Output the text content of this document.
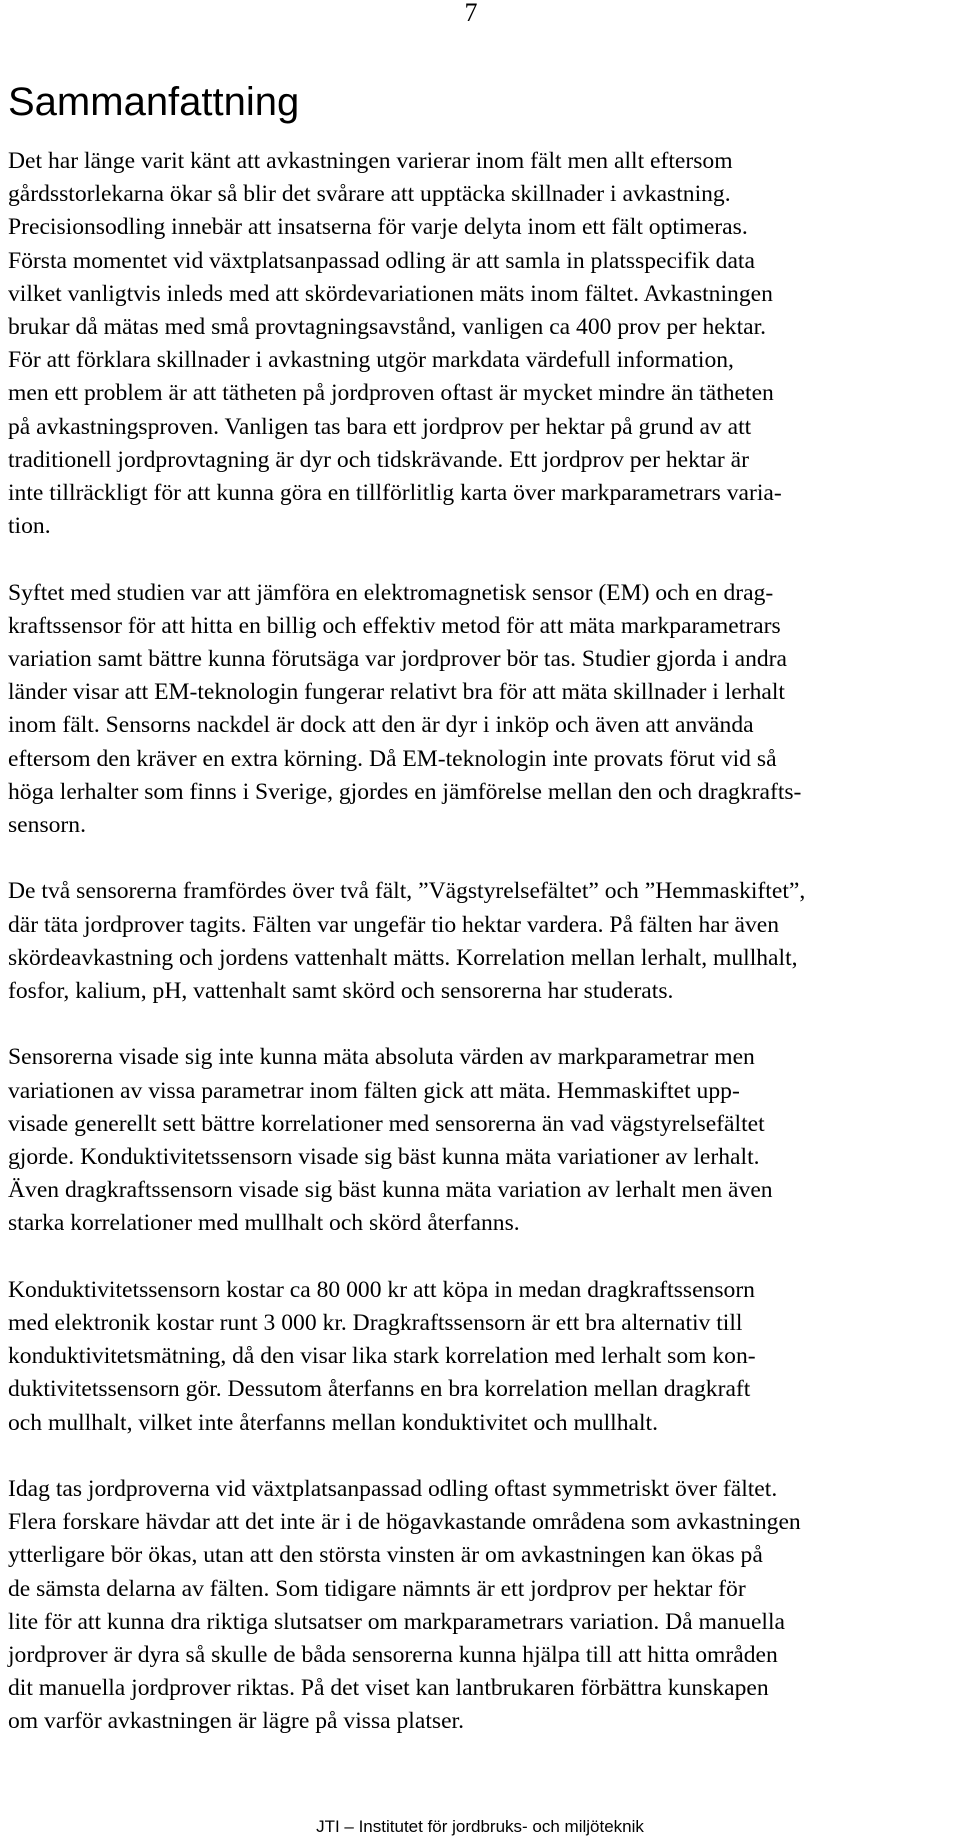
7
Sammanfattning

Det har länge varit känt att avkastningen varierar inom fält men allt eftersom
gårdsstorlekarna ökar så blir det svårare att upptäcka skillnader i avkastning.
Precisionsodling innebär att insatserna för varje delyta inom ett fält optimeras.
Första momentet vid växtplatsanpassad odling är att samla in platsspecifik data
vilket vanligtvis inleds med att skördevariationen mäts inom fältet. Avkastningen
brukar då mätas med små provtagningsavstånd, vanligen ca 400 prov per hektar.
För att förklara skillnader i avkastning utgör markdata värdefull information,
men ett problem är att tätheten på jordproven oftast är mycket mindre än tätheten
på avkastningsproven. Vanligen tas bara ett jordprov per hektar på grund av att
traditionell jordprovtagning är dyr och tidskrävande. Ett jordprov per hektar är
inte tillräckligt för att kunna göra en tillförlitlig karta över markparametrars varia-
tion.

Syftet med studien var att jämföra en elektromagnetisk sensor (EM) och en drag-
kraftssensor för att hitta en billig och effektiv metod för att mäta markparametrars
variation samt bättre kunna förutsäga var jordprover bör tas. Studier gjorda i andra
länder visar att EM-teknologin fungerar relativt bra för att mäta skillnader i lerhalt
inom fält. Sensorns nackdel är dock att den är dyr i inköp och även att använda
eftersom den kräver en extra körning. Då EM-teknologin inte provats förut vid så
höga lerhalter som finns i Sverige, gjordes en jämförelse mellan den och dragkrafts-
sensorn.

De två sensorerna framfördes över två fält, ”Vägstyrelsefältet” och ”Hemmaskiftet”,
där täta jordprover tagits. Fälten var ungefär tio hektar vardera. På fälten har även
skördeavkastning och jordens vattenhalt mätts. Korrelation mellan lerhalt, mullhalt,
fosfor, kalium, pH, vattenhalt samt skörd och sensorerna har studerats.

Sensorerna visade sig inte kunna mäta absoluta värden av markparametrar men
variationen av vissa parametrar inom fälten gick att mäta. Hemmaskiftet upp-
visade generellt sett bättre korrelationer med sensorerna än vad vägstyrelsefältet
gjorde. Konduktivitetssensorn visade sig bäst kunna mäta variationer av lerhalt.
Även dragkraftssensorn visade sig bäst kunna mäta variation av lerhalt men även
starka korrelationer med mullhalt och skörd återfanns.

Konduktivitetssensorn kostar ca 80 000 kr att köpa in medan dragkraftssensorn
med elektronik kostar runt 3 000 kr. Dragkraftssensorn är ett bra alternativ till
konduktivitetsmätning, då den visar lika stark korrelation med lerhalt som kon-
duktivitetssensorn gör. Dessutom återfanns en bra korrelation mellan dragkraft
och mullhalt, vilket inte återfanns mellan konduktivitet och mullhalt.

Idag tas jordproverna vid växtplatsanpassad odling oftast symmetriskt över fältet.
Flera forskare hävdar att det inte är i de högavkastande områdena som avkastningen
ytterligare bör ökas, utan att den största vinsten är om avkastningen kan ökas på
de sämsta delarna av fälten. Som tidigare nämnts är ett jordprov per hektar för
lite för att kunna dra riktiga slutsatser om markparametrars variation. Då manuella
jordprover är dyra så skulle de båda sensorerna kunna hjälpa till att hitta områden
dit manuella jordprover riktas. På det viset kan lantbrukaren förbättra kunskapen
om varför avkastningen är lägre på vissa platser.

JTI – Institutet för jordbruks- och miljöteknik
